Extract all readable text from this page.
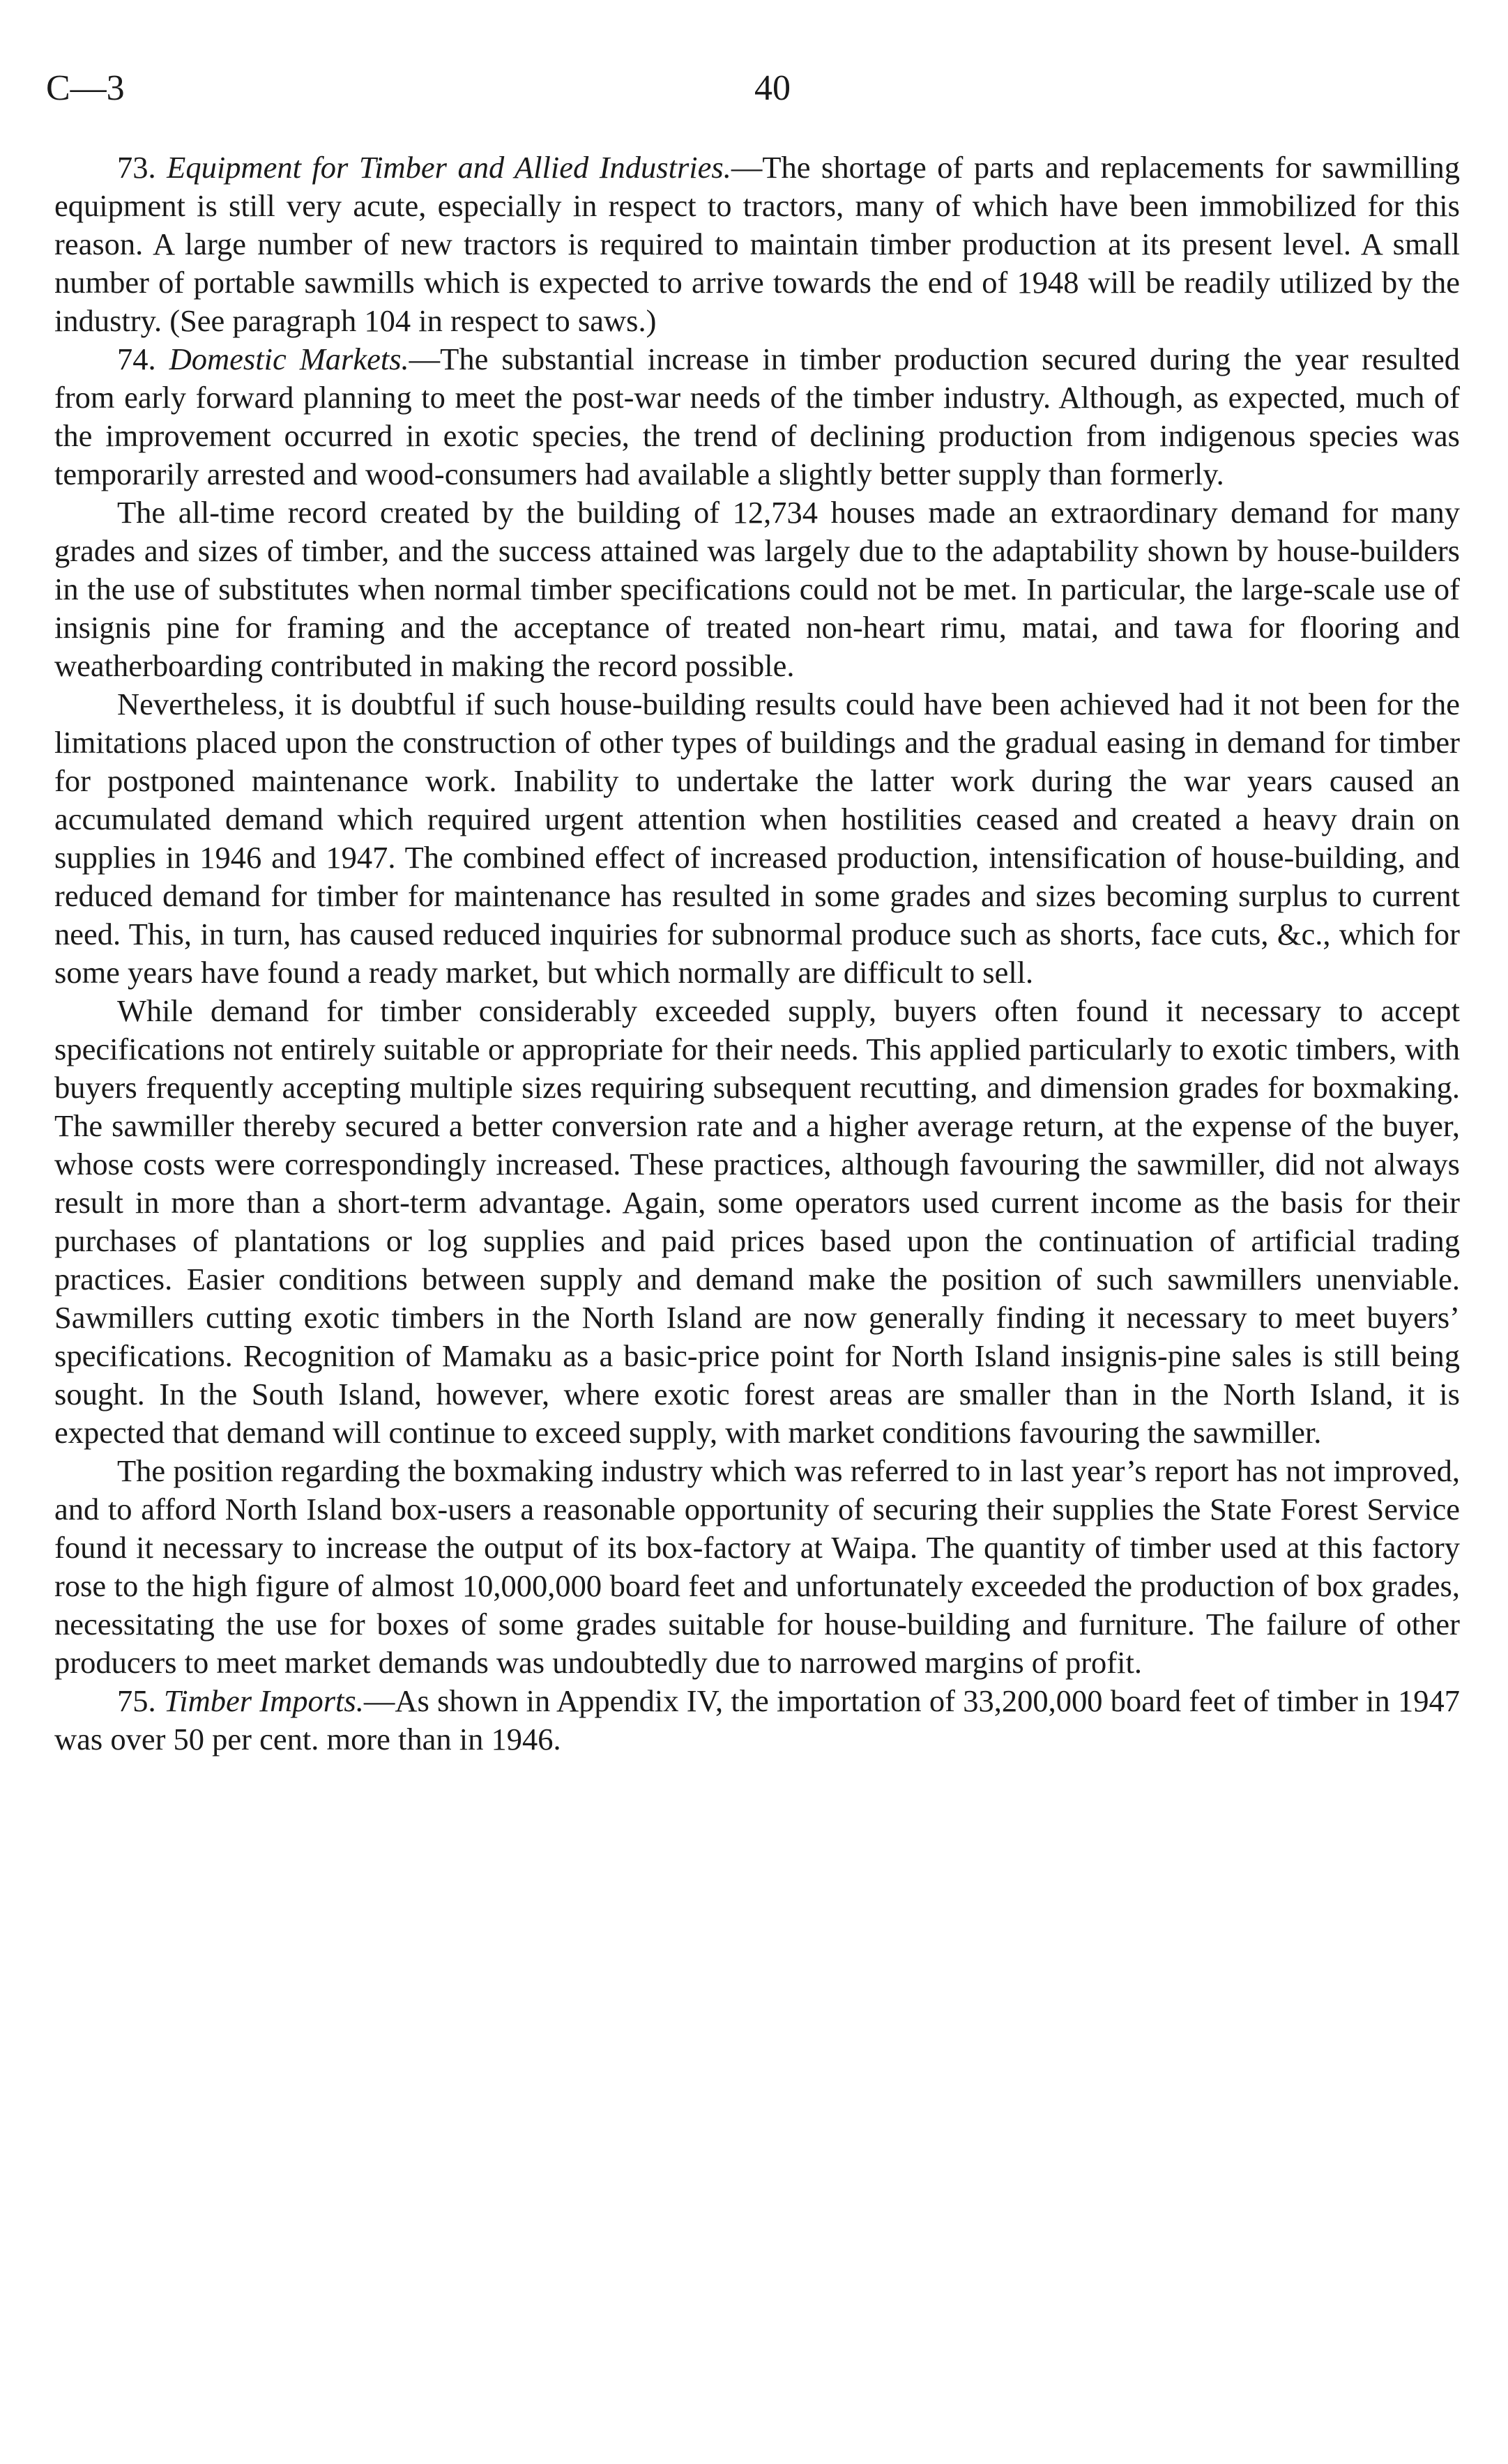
C—3	40

73. Equipment for Timber and Allied Industries.—The shortage of parts and replacements for sawmilling equipment is still very acute, especially in respect to tractors, many of which have been immobilized for this reason. A large number of new tractors is required to maintain timber production at its present level. A small number of portable sawmills which is expected to arrive towards the end of 1948 will be readily utilized by the industry. (See paragraph 104 in respect to saws.)

74. Domestic Markets.—The substantial increase in timber production secured during the year resulted from early forward planning to meet the post-war needs of the timber industry. Although, as expected, much of the improvement occurred in exotic species, the trend of declining production from indigenous species was temporarily arrested and wood-consumers had available a slightly better supply than formerly.

The all-time record created by the building of 12,734 houses made an extraordinary demand for many grades and sizes of timber, and the success attained was largely due to the adaptability shown by house-builders in the use of substitutes when normal timber specifications could not be met. In particular, the large-scale use of insignis pine for framing and the acceptance of treated non-heart rimu, matai, and tawa for flooring and weatherboarding contributed in making the record possible.

Nevertheless, it is doubtful if such house-building results could have been achieved had it not been for the limitations placed upon the construction of other types of buildings and the gradual easing in demand for timber for postponed maintenance work. Inability to undertake the latter work during the war years caused an accumulated demand which required urgent attention when hostilities ceased and created a heavy drain on supplies in 1946 and 1947. The combined effect of increased production, intensification of house-building, and reduced demand for timber for maintenance has resulted in some grades and sizes becoming surplus to current need. This, in turn, has caused reduced inquiries for subnormal produce such as shorts, face cuts, &c., which for some years have found a ready market, but which normally are difficult to sell.

While demand for timber considerably exceeded supply, buyers often found it necessary to accept specifications not entirely suitable or appropriate for their needs. This applied particularly to exotic timbers, with buyers frequently accepting multiple sizes requiring subsequent recutting, and dimension grades for boxmaking. The sawmiller thereby secured a better conversion rate and a higher average return, at the expense of the buyer, whose costs were correspondingly increased. These practices, although favouring the sawmiller, did not always result in more than a short-term advantage. Again, some operators used current income as the basis for their purchases of plantations or log supplies and paid prices based upon the continuation of artificial trading practices. Easier conditions between supply and demand make the position of such sawmillers unenviable. Sawmillers cutting exotic timbers in the North Island are now generally finding it necessary to meet buyers’ specifications. Recognition of Mamaku as a basic-price point for North Island insignis-pine sales is still being sought. In the South Island, however, where exotic forest areas are smaller than in the North Island, it is expected that demand will continue to exceed supply, with market conditions favouring the sawmiller.

The position regarding the boxmaking industry which was referred to in last year’s report has not improved, and to afford North Island box-users a reasonable opportunity of securing their supplies the State Forest Service found it necessary to increase the output of its box-factory at Waipa. The quantity of timber used at this factory rose to the high figure of almost 10,000,000 board feet and unfortunately exceeded the production of box grades, necessitating the use for boxes of some grades suitable for house-building and furniture. The failure of other producers to meet market demands was undoubtedly due to narrowed margins of profit.

75. Timber Imports.—As shown in Appendix IV, the importation of 33,200,000 board feet of timber in 1947 was over 50 per cent. more than in 1946.
